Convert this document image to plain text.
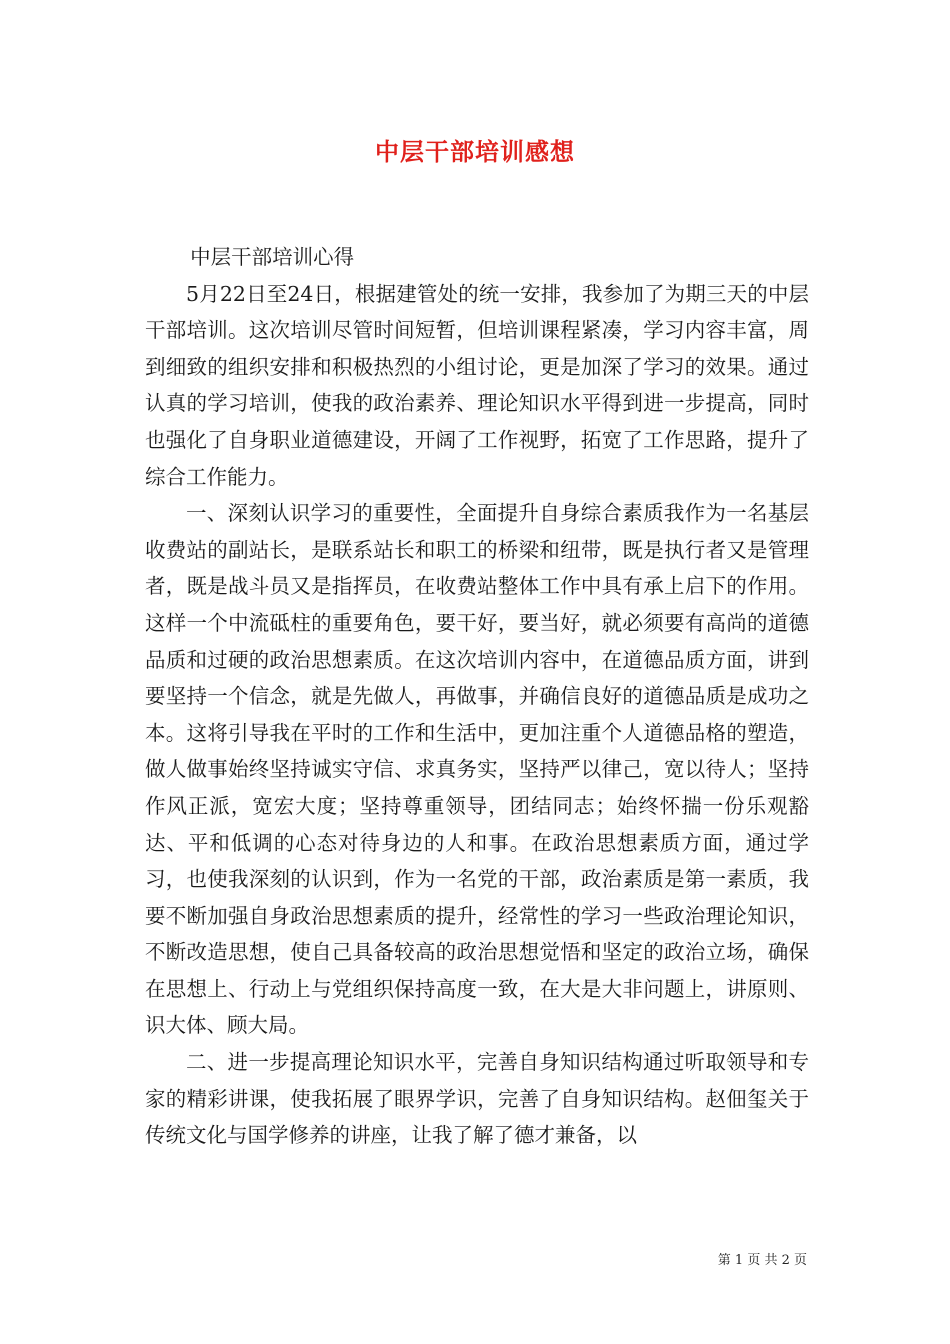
中层干部培训感想

中层干部培训心得

5月22日至24日，根据建管处的统一安排，我参加了为期三天的中层干部培训。这次培训尽管时间短暂，但培训课程紧凑，学习内容丰富，周到细致的组织安排和积极热烈的小组讨论，更是加深了学习的效果。通过认真的学习培训，使我的政治素养、理论知识水平得到进一步提高，同时也强化了自身职业道德建设，开阔了工作视野，拓宽了工作思路，提升了综合工作能力。

一、深刻认识学习的重要性，全面提升自身综合素质我作为一名基层收费站的副站长，是联系站长和职工的桥梁和纽带，既是执行者又是管理者，既是战斗员又是指挥员，在收费站整体工作中具有承上启下的作用。这样一个中流砥柱的重要角色，要干好，要当好，就必须要有高尚的道德品质和过硬的政治思想素质。在这次培训内容中，在道德品质方面，讲到要坚持一个信念，就是先做人，再做事，并确信良好的道德品质是成功之本。这将引导我在平时的工作和生活中，更加注重个人道德品格的塑造，做人做事始终坚持诚实守信、求真务实，坚持严以律己，宽以待人；坚持作风正派，宽宏大度；坚持尊重领导，团结同志；始终怀揣一份乐观豁达、平和低调的心态对待身边的人和事。在政治思想素质方面，通过学习，也使我深刻的认识到，作为一名党的干部，政治素质是第一素质，我要不断加强自身政治思想素质的提升，经常性的学习一些政治理论知识，不断改造思想，使自己具备较高的政治思想觉悟和坚定的政治立场，确保在思想上、行动上与党组织保持高度一致，在大是大非问题上，讲原则、识大体、顾大局。

二、进一步提高理论知识水平，完善自身知识结构通过听取领导和专家的精彩讲课，使我拓展了眼界学识，完善了自身知识结构。赵佃玺关于传统文化与国学修养的讲座，让我了解了德才兼备，以

第 1 页 共 2 页
